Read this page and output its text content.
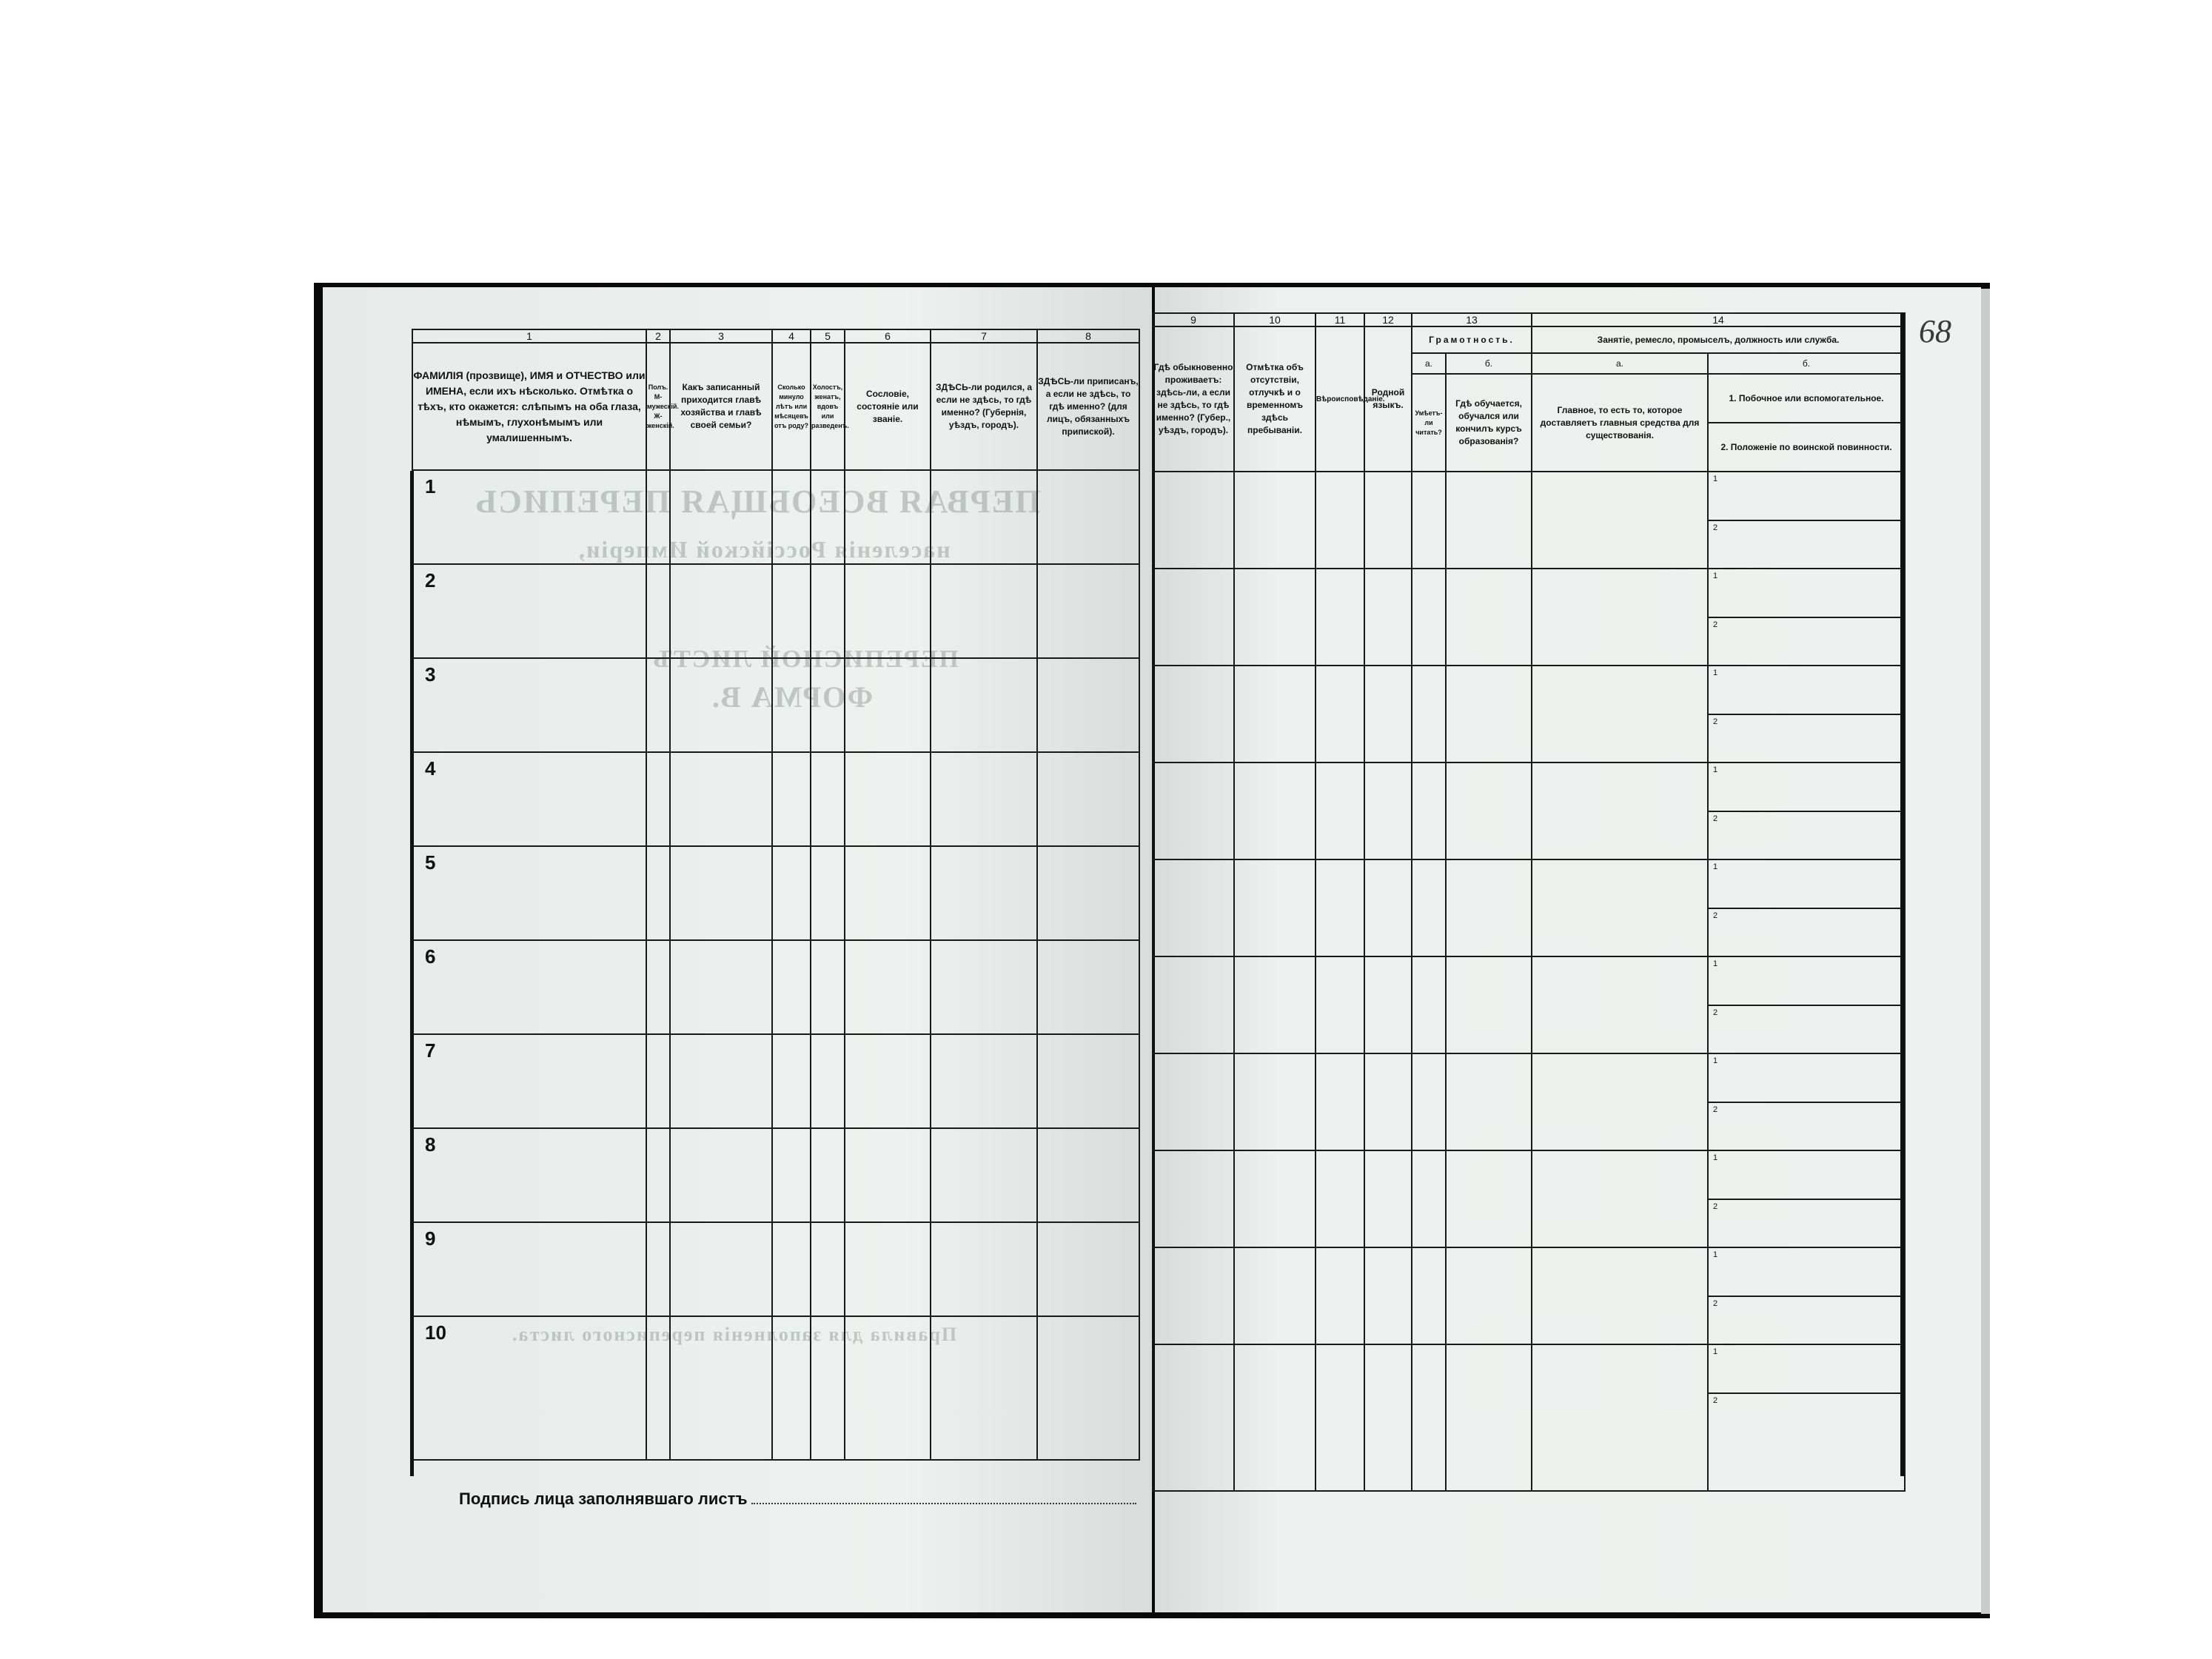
ПЕРВАЯ ВСЕОБЩАЯ ПЕРЕПИСЬ
населенія Россійской Имперіи,
ПЕРЕПИСНОЙ ЛИСТЪ
ФОРМА В.
Правила для заполненія переписного листа.
1	2	3	4	5	6	7	8
ФАМИЛІЯ (прозвище), ИМЯ и ОТЧЕСТВО или ИМЕНА, если ихъ нѣсколько. Отмѣтка о тѣхъ, кто окажется: слѣпымъ на оба глаза, нѣмымъ, глухонѣмымъ или умалишеннымъ.	Полъ. М-мужескій. Ж-женскій.	Какъ записанный приходится главѣ хозяйства и главѣ своей семьи?	Сколько минуло лѣтъ или мѣсяцевъ отъ роду?	Холостъ, женатъ, вдовъ или разведенъ.	Сословіе, состояніе или званіе.	ЗДѢСЬ-ли родился, а если не здѣсь, то гдѣ именно? (Губернія, уѣздъ, городъ).	ЗДѢСЬ-ли приписанъ, а если не здѣсь, то гдѣ именно? (для лицъ, обязанныхъ припиской).
1							
2							
3							
4							
5							
6							
7							
8							
9							
10							
Подпись лица заполнявшаго листъ
9	10	11	12	13		14	
Гдѣ обыкновенно проживаетъ: здѣсь-ли, а если не здѣсь, то гдѣ именно? (Губер., уѣздъ, городъ).	Отмѣтка объ отсутствіи, отлучкѣ и о временномъ здѣсь пребываніи.	Вѣроисповѣданіе.	Родной языкъ.	Грамотность.		Занятіе, ремесло, промыселъ, должность или служба.	
				а.	б.	а.	б.
				Умѣетъ-ли читать?	Гдѣ обучается, обучался или кончилъ курсъ образованія?	Главное, то есть то, которое доставляетъ главныя средства для существованія.	1. Побочное или вспомогательное.
2. Положеніе по воинской повинности.

							1
2

							1
2

							1
2

							1
2

							1
2

							1
2

							1
2

							1
2

							1
2

							1
2
68
